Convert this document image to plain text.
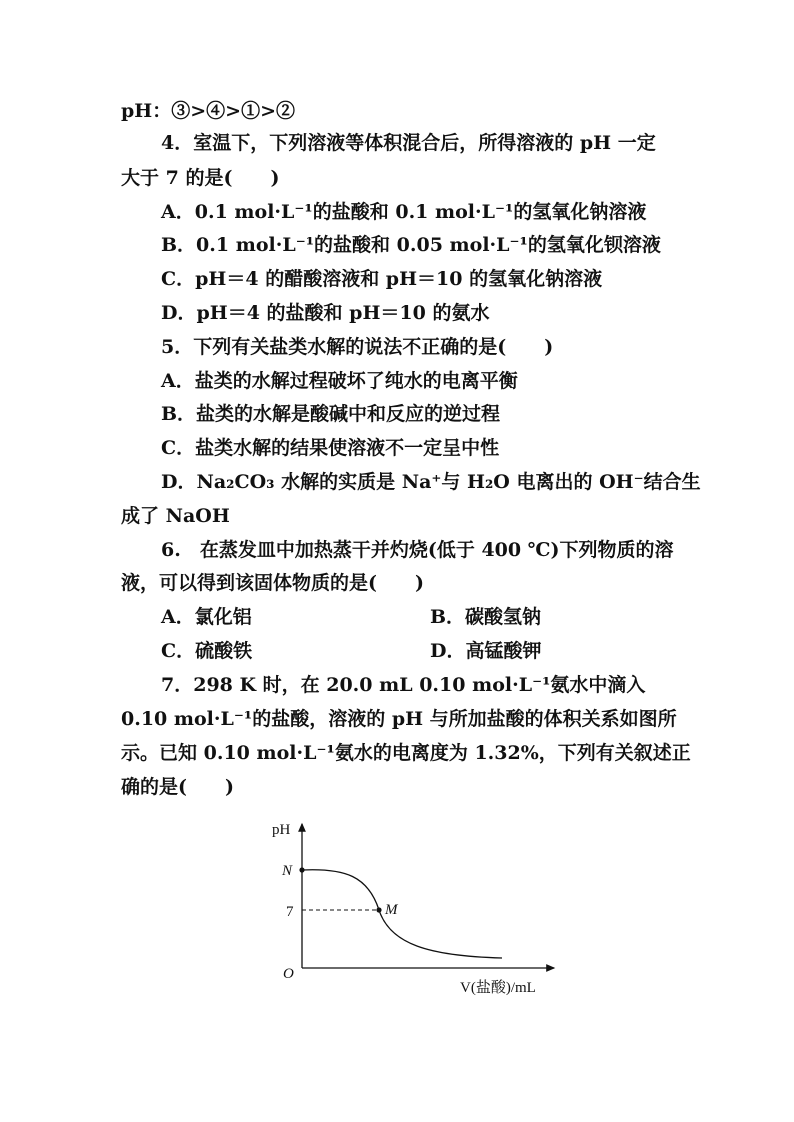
pH：③>④>①>②
4．室温下，下列溶液等体积混合后，所得溶液的 pH 一定
大于 7 的是(　　)
A．0.1 mol·L⁻¹的盐酸和 0.1 mol·L⁻¹的氢氧化钠溶液
B．0.1 mol·L⁻¹的盐酸和 0.05 mol·L⁻¹的氢氧化钡溶液
C．pH＝4 的醋酸溶液和 pH＝10 的氢氧化钠溶液
D．pH＝4 的盐酸和 pH＝10 的氨水
5．下列有关盐类水解的说法不正确的是(　　)
A．盐类的水解过程破坏了纯水的电离平衡
B．盐类的水解是酸碱中和反应的逆过程
C．盐类水解的结果使溶液不一定呈中性
D．Na₂CO₃ 水解的实质是 Na⁺与 H₂O 电离出的 OH⁻结合生
成了 NaOH
6.　在蒸发皿中加热蒸干并灼烧(低于 400 ℃)下列物质的溶
液，可以得到该固体物质的是(　　)
A．氯化铝	B．碳酸氢钠
C．硫酸铁	D．高锰酸钾
7．298 K 时，在 20.0 mL 0.10 mol·L⁻¹氨水中滴入
0.10 mol·L⁻¹的盐酸，溶液的 pH 与所加盐酸的体积关系如图所
示。已知 0.10 mol·L⁻¹氨水的电离度为 1.32%，下列有关叙述正
确的是(　　)
pH
V(盐酸)/mL
O
N
7	M
